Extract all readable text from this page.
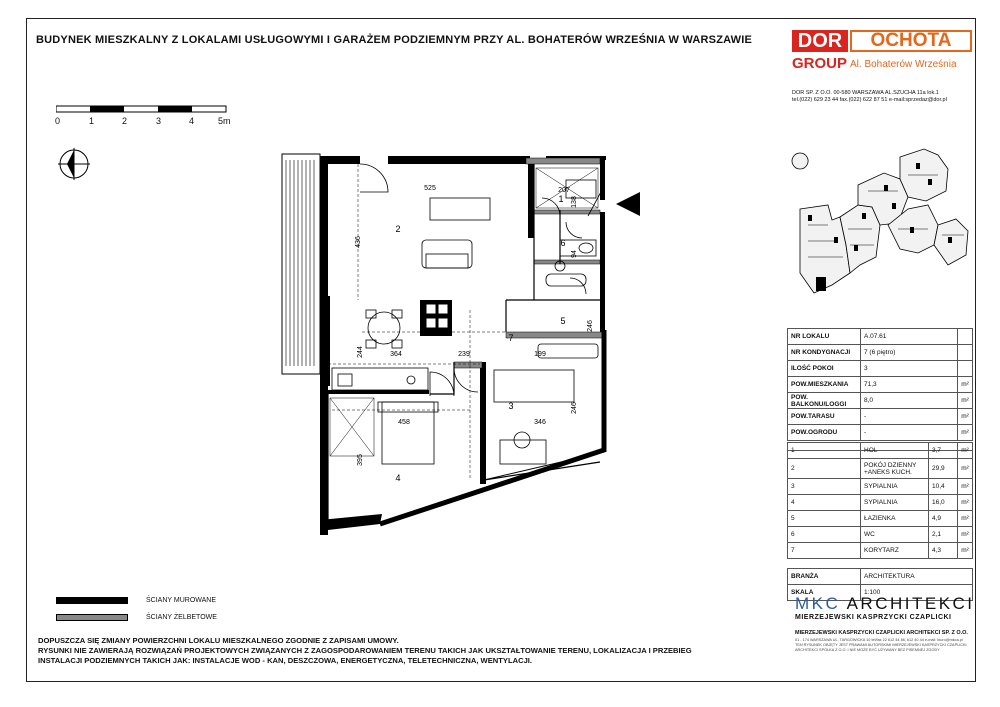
BUDYNEK MIESZKALNY Z LOKALAMI USŁUGOWYMI I GARAŻEM PODZIEMNYM PRZY AL. BOHATERÓW WRZEŚNIA W WARSZAWIE
0	1	2	3	4	5m
DOR	OCHOTA
GROUP Al. Bohaterów Września
DOR SP. Z O.O. 00-580 WARSZAWA AL.SZUCHA 11a lok.1
tel.(022) 629 23 44 fax.(022) 622 87 51 e-mail:sprzedaz@dor.pl
NR LOKALU	A.07.61	
NR KONDYGNACJI	7 (6 piętro)	
ILOŚĆ POKOI	3	
POW.MIESZKANIA	71,3	m²
POW. BALKONU/LOGGI	8,0	m²
POW.TARASU	-	m²
POW.OGRODU	-	m²

1	HOL	3,7	m²
2	POKÓJ DZIENNY +ANEKS KUCH.	29,9	m²
3	SYPIALNIA	10,4	m²
4	SYPIALNIA	16,0	m²
5	ŁAZIENKA	4,9	m²
6	WC	2,1	m²
7	KORYTARZ	4,3	m²

BRANŻA	ARCHITEKTURA		
SKALA	1:100		
MKC ARCHITEKCI
MIERZEJEWSKI KASPRZYCKI CZAPLICKI
MIERZEJEWSKI KASPRZYCKI CZAPLICKI ARCHITEKCI SP. Z O.O.
01 - 174 WARSZAWA UL. TARGOWICKA 10 tel/fax 22 612 44 86, 612 40 44 e-mail: biuro@mkca.pl TEN RYSUNEK OBJĘTY JEST PRAWAMI AUTORSKIMI MIERZEJEWSKI KASPRZYCKI CZAPLICKI ARCHITEKCI SPÓŁKA Z O.O. I NIE MOŻE BYĆ UŻYWANY BEZ PISEMNEJ ZGODY
ŚCIANY MUROWANE
ŚCIANY ŻELBETOWE
DOPUSZCZA SIĘ ZMIANY POWIERZCHNI LOKALU MIESZKALNEGO ZGODNIE Z ZAPISAMI UMOWY.
RYSUNKI NIE ZAWIERAJĄ ROZWIĄZAŃ PROJEKTOWYCH ZWIĄZANYCH Z ZAGOSPODAROWANIEM TERENU TAKICH JAK UKSZTAŁTOWANIE TERENU, LOKALIZACJA I PRZEBIEG
INSTALACJI PODZIEMNYCH TAKICH JAK: INSTALACJE WOD - KAN, DESZCZOWA, ENERGETYCZNA, TELETECHNICZNA, WENTYLACJI.
1
2
3
4
5
6
7
525
436
207
138
244	364	239	199
94
246
458	346
246
395
